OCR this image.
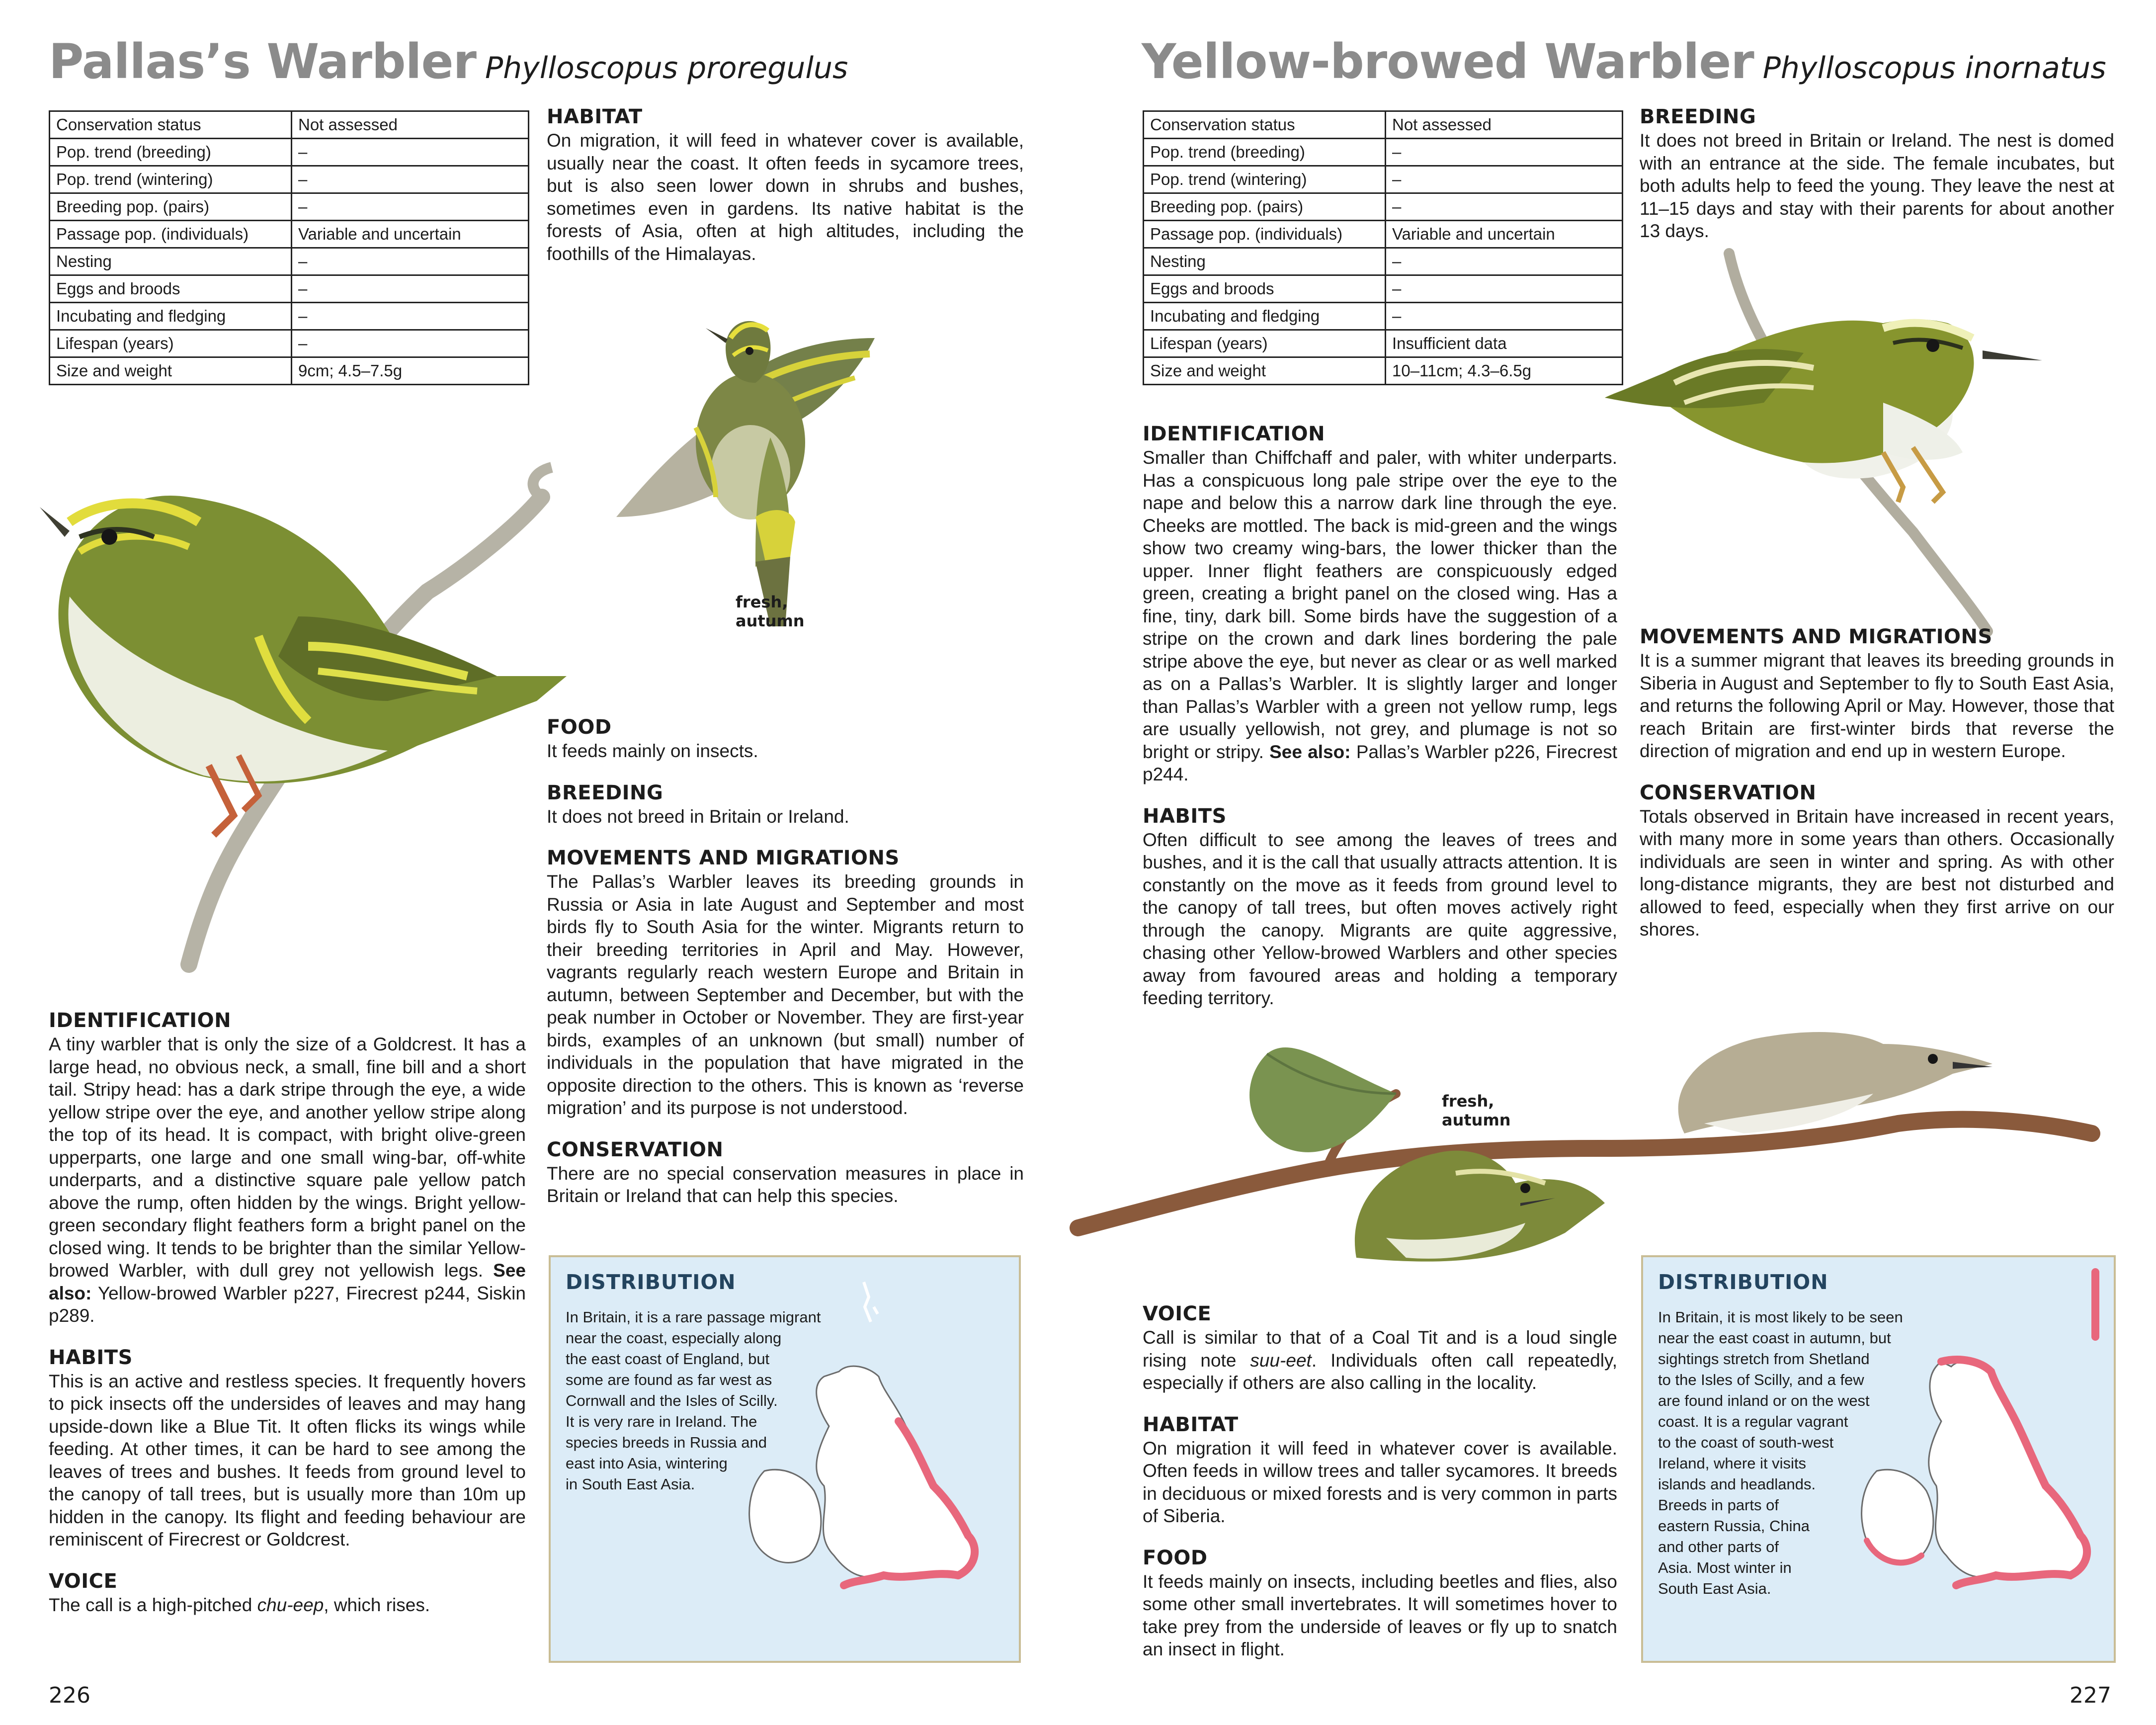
Pallas’s Warbler Phylloscopus proregulus
Conservation status	Not assessed
Pop. trend (breeding)	–
Pop. trend (wintering)	–
Breeding pop. (pairs)	–
Passage pop. (individuals)	Variable and uncertain
Nesting	–
Eggs and broods	–
Incubating and fledging	–
Lifespan (years)	–
Size and weight	9cm; 4.5–7.5g
HABITAT

On migration, it will feed in whatever cover is available, usually near the coast. It often feeds in sycamore trees, but is also seen lower down in shrubs and bushes, sometimes even in gardens. Its native habitat is the forests of Asia, often at high altitudes, including the foothills of the Himalayas.

fresh,
autumn
FOOD

It feeds mainly on insects.

BREEDING

It does not breed in Britain or Ireland.

MOVEMENTS AND MIGRATIONS

The Pallas’s Warbler leaves its breeding grounds in Russia or Asia in late August and September and most birds fly to South Asia for the winter. Migrants return to their breeding territories in April and May. However, vagrants regularly reach western Europe and Britain in autumn, between September and December, but with the peak number in October or November. They are first-year birds, examples of an unknown (but small) number of individuals in the population that have migrated in the opposite direction to the others. This is known as ‘reverse migration’ and its purpose is not understood.

CONSERVATION

There are no special conservation measures in place in Britain or Ireland that can help this species.

IDENTIFICATION

A tiny warbler that is only the size of a Goldcrest. It has a large head, no obvious neck, a small, fine bill and a short tail. Stripy head: has a dark stripe through the eye, a wide yellow stripe over the eye, and another yellow stripe along the top of its head. It is compact, with bright olive-green upperparts, one large and one small wing-bar, off-white underparts, and a distinctive square pale yellow patch above the rump, often hidden by the wings. Bright yellow-green secondary flight feathers form a bright panel on the closed wing. It tends to be brighter than the similar Yellow-browed Warbler, with dull grey not yellowish legs. See also: Yellow-browed Warbler p227, Firecrest p244, Siskin p289.

HABITS

This is an active and restless species. It frequently hovers to pick insects off the undersides of leaves and may hang upside-down like a Blue Tit. It often flicks its wings while feeding. At other times, it can be hard to see among the leaves of trees and bushes. It feeds from ground level to the canopy of tall trees, but is usually more than 10m up hidden in the canopy. Its flight and feeding behaviour are reminiscent of Firecrest or Goldcrest.

VOICE

The call is a high-pitched chu-eep, which rises.

DISTRIBUTION
In Britain, it is a rare passage migrant
near the coast, especially along
the east coast of England, but
some are found as far west as
Cornwall and the Isles of Scilly.
It is very rare in Ireland. The
species breeds in Russia and
east into Asia, wintering
in South East Asia.
226
Yellow-browed Warbler Phylloscopus inornatus
Conservation status	Not assessed
Pop. trend (breeding)	–
Pop. trend (wintering)	–
Breeding pop. (pairs)	–
Passage pop. (individuals)	Variable and uncertain
Nesting	–
Eggs and broods	–
Incubating and fledging	–
Lifespan (years)	Insufficient data
Size and weight	10–11cm; 4.3–6.5g
BREEDING

It does not breed in Britain or Ireland. The nest is domed with an entrance at the side. The female incubates, but both adults help to feed the young. They leave the nest at 11–15 days and stay with their parents for about another 13 days.

IDENTIFICATION

Smaller than Chiffchaff and paler, with whiter underparts. Has a conspicuous long pale stripe over the eye to the nape and below this a narrow dark line through the eye. Cheeks are mottled. The back is mid-green and the wings show two creamy wing-bars, the lower thicker than the upper. Inner flight feathers are conspicuously edged green, creating a bright panel on the closed wing. Has a fine, tiny, dark bill. Some birds have the suggestion of a stripe on the crown and dark lines bordering the pale stripe above the eye, but never as clear or as well marked as on a Pallas’s Warbler. It is slightly larger and longer than Pallas’s Warbler with a green not yellow rump, legs are usually yellowish, not grey, and plumage is not so bright or stripy. See also: Pallas’s Warbler p226, Firecrest p244.

HABITS

Often difficult to see among the leaves of trees and bushes, and it is the call that usually attracts attention. It is constantly on the move as it feeds from ground level to the canopy of tall trees, but often moves actively right through the canopy. Migrants are quite aggressive, chasing other Yellow-browed Warblers and other species away from favoured areas and holding a temporary feeding territory.

MOVEMENTS AND MIGRATIONS

It is a summer migrant that leaves its breeding grounds in Siberia in August and September to fly to South East Asia, and returns the following April or May. However, those that reach Britain are first-winter birds that reverse the direction of migration and end up in western Europe.

CONSERVATION

Totals observed in Britain have increased in recent years, with many more in some years than others. Occasionally individuals are seen in winter and spring. As with other long-distance migrants, they are best not disturbed and allowed to feed, especially when they first arrive on our shores.

fresh,
autumn
VOICE

Call is similar to that of a Coal Tit and is a loud single rising note suu-eet. Individuals often call repeatedly, especially if others are also calling in the locality.

HABITAT

On migration it will feed in whatever cover is available. Often feeds in willow trees and taller sycamores. It breeds in deciduous or mixed forests and is very common in parts of Siberia.

FOOD

It feeds mainly on insects, including beetles and flies, also some other small invertebrates. It will sometimes hover to take prey from the underside of leaves or fly up to snatch an insect in flight.

DISTRIBUTION
In Britain, it is most likely to be seen
near the east coast in autumn, but
sightings stretch from Shetland
to the Isles of Scilly, and a few
are found inland or on the west
coast. It is a regular vagrant
to the coast of south-west
Ireland, where it visits
islands and headlands.
Breeds in parts of
eastern Russia, China
and other parts of
Asia. Most winter in
South East Asia.
227
